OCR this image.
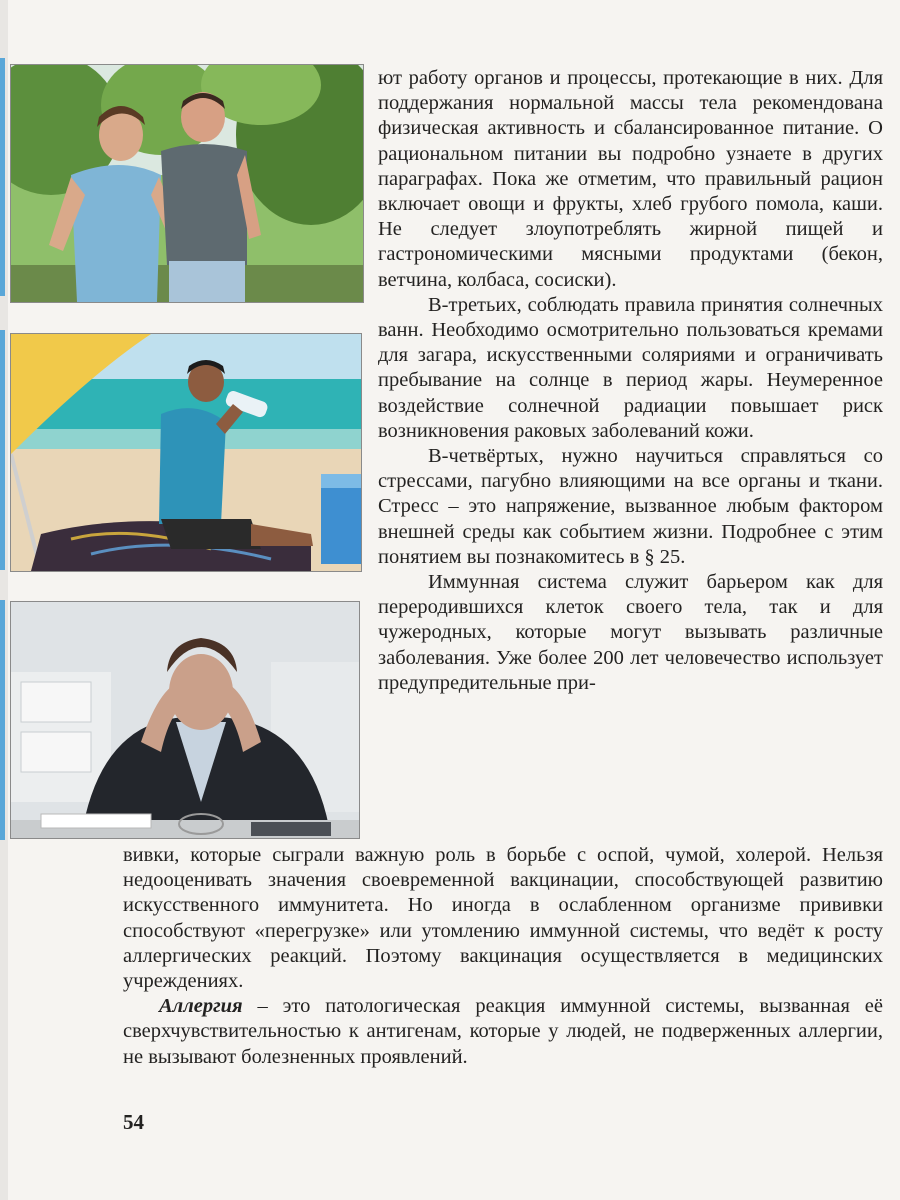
ют работу органов и процессы, протекающие в них. Для поддержания нормальной массы тела рекомендована физическая активность и сбалансированное питание. О рациональном питании вы подробно узнаете в других параграфах. Пока же отметим, что правильный рацион включает овощи и фрукты, хлеб грубого помола, каши. Не следует злоупотреблять жирной пищей и гастрономическими мясными продуктами (бекон, ветчина, колбаса, сосиски).

В-третьих, соблюдать правила принятия солнечных ванн. Необходимо осмотрительно пользоваться кремами для загара, искусственными соляриями и ограничивать пребывание на солнце в период жары. Неумеренное воздействие солнечной радиации повышает риск возникновения раковых заболеваний кожи.

В-четвёртых, нужно научиться справляться со стрессами, пагубно влияющими на все органы и ткани. Стресс – это напряжение, вызванное любым фактором внешней среды как событием жизни. Подробнее с этим понятием вы познакомитесь в § 25.

Иммунная система служит барьером как для переродившихся клеток своего тела, так и для чужеродных, которые могут вызывать различные заболевания. Уже более 200 лет человечество использует предупредительные при-

вивки, которые сыграли важную роль в борьбе с оспой, чумой, холерой. Нельзя недооценивать значения своевременной вакцинации, способствующей развитию искусственного иммунитета. Но иногда в ослабленном организме прививки способствуют «перегрузке» или утомлению иммунной системы, что ведёт к росту аллергических реакций. Поэтому вакцинация осуществляется в медицинских учреждениях.

Аллергия – это патологическая реакция иммунной системы, вызванная её сверхчувствительностью к антигенам, которые у людей, не подверженных аллергии, не вызывают болезненных проявлений.

54
